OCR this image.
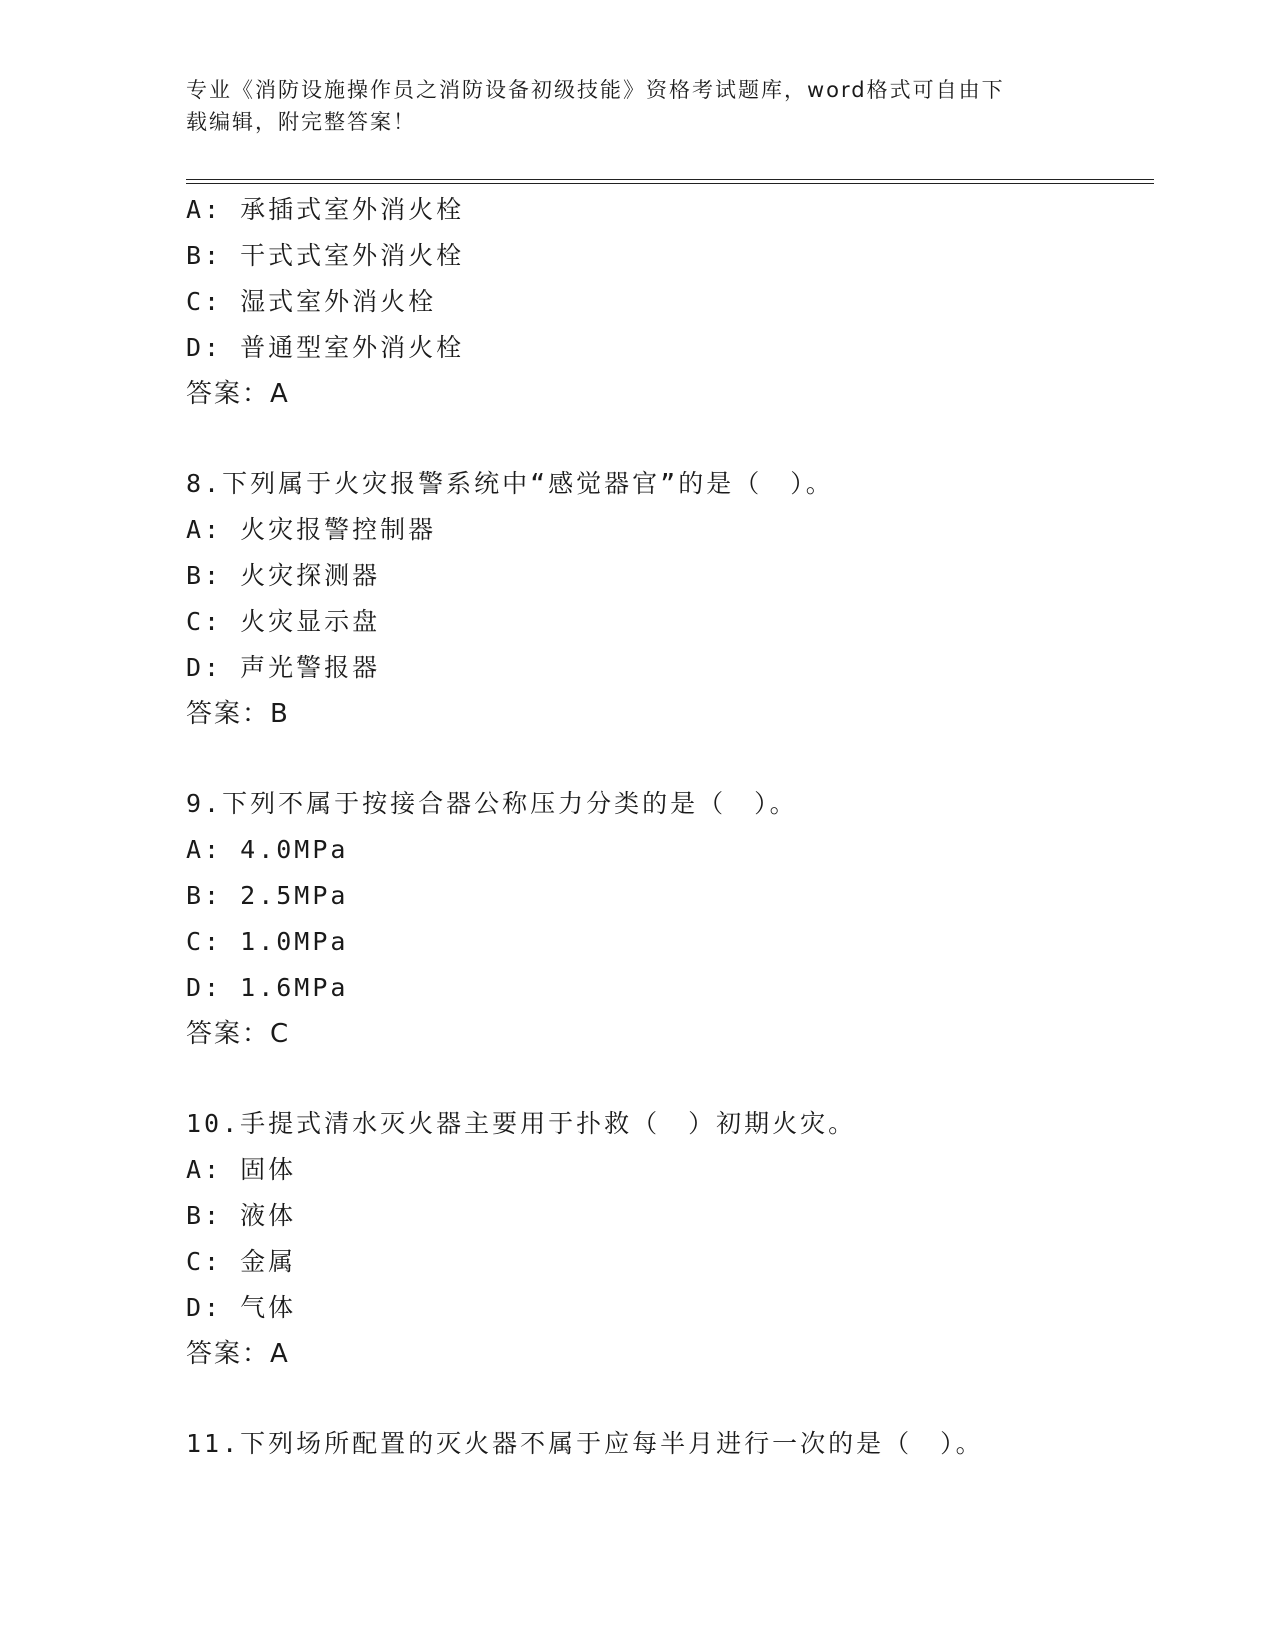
专业《消防设施操作员之消防设备初级技能》资格考试题库，word格式可自由下
载编辑，附完整答案！
A: 承插式室外消火栓
B: 干式式室外消火栓
C: 湿式室外消火栓
D: 普通型室外消火栓
答案：A
8.下列属于火灾报警系统中“感觉器官”的是（　）。
A: 火灾报警控制器
B: 火灾探测器
C: 火灾显示盘
D: 声光警报器
答案：B
9.下列不属于按接合器公称压力分类的是（　）。
A: 4.0MPa
B: 2.5MPa
C: 1.0MPa
D: 1.6MPa
答案：C
10.手提式清水灭火器主要用于扑救（　）初期火灾。
A: 固体
B: 液体
C: 金属
D: 气体
答案：A
11.下列场所配置的灭火器不属于应每半月进行一次的是（　）。
